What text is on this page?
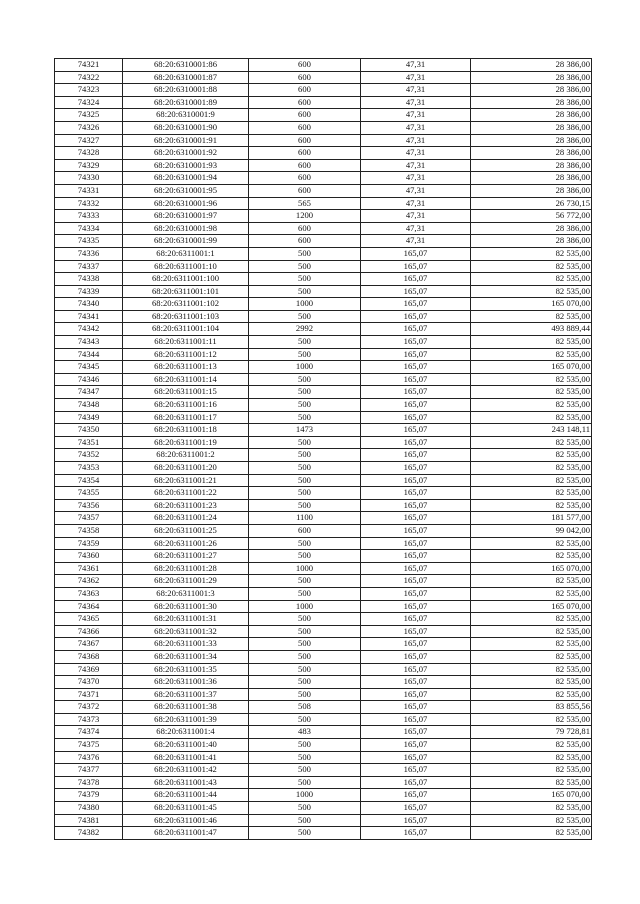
74321	68:20:6310001:86	600	47,31	28 386,00
74322	68:20:6310001:87	600	47,31	28 386,00
74323	68:20:6310001:88	600	47,31	28 386,00
74324	68:20:6310001:89	600	47,31	28 386,00
74325	68:20:6310001:9	600	47,31	28 386,00
74326	68:20:6310001:90	600	47,31	28 386,00
74327	68:20:6310001:91	600	47,31	28 386,00
74328	68:20:6310001:92	600	47,31	28 386,00
74329	68:20:6310001:93	600	47,31	28 386,00
74330	68:20:6310001:94	600	47,31	28 386,00
74331	68:20:6310001:95	600	47,31	28 386,00
74332	68:20:6310001:96	565	47,31	26 730,15
74333	68:20:6310001:97	1200	47,31	56 772,00
74334	68:20:6310001:98	600	47,31	28 386,00
74335	68:20:6310001:99	600	47,31	28 386,00
74336	68:20:6311001:1	500	165,07	82 535,00
74337	68:20:6311001:10	500	165,07	82 535,00
74338	68:20:6311001:100	500	165,07	82 535,00
74339	68:20:6311001:101	500	165,07	82 535,00
74340	68:20:6311001:102	1000	165,07	165 070,00
74341	68:20:6311001:103	500	165,07	82 535,00
74342	68:20:6311001:104	2992	165,07	493 889,44
74343	68:20:6311001:11	500	165,07	82 535,00
74344	68:20:6311001:12	500	165,07	82 535,00
74345	68:20:6311001:13	1000	165,07	165 070,00
74346	68:20:6311001:14	500	165,07	82 535,00
74347	68:20:6311001:15	500	165,07	82 535,00
74348	68:20:6311001:16	500	165,07	82 535,00
74349	68:20:6311001:17	500	165,07	82 535,00
74350	68:20:6311001:18	1473	165,07	243 148,11
74351	68:20:6311001:19	500	165,07	82 535,00
74352	68:20:6311001:2	500	165,07	82 535,00
74353	68:20:6311001:20	500	165,07	82 535,00
74354	68:20:6311001:21	500	165,07	82 535,00
74355	68:20:6311001:22	500	165,07	82 535,00
74356	68:20:6311001:23	500	165,07	82 535,00
74357	68:20:6311001:24	1100	165,07	181 577,00
74358	68:20:6311001:25	600	165,07	99 042,00
74359	68:20:6311001:26	500	165,07	82 535,00
74360	68:20:6311001:27	500	165,07	82 535,00
74361	68:20:6311001:28	1000	165,07	165 070,00
74362	68:20:6311001:29	500	165,07	82 535,00
74363	68:20:6311001:3	500	165,07	82 535,00
74364	68:20:6311001:30	1000	165,07	165 070,00
74365	68:20:6311001:31	500	165,07	82 535,00
74366	68:20:6311001:32	500	165,07	82 535,00
74367	68:20:6311001:33	500	165,07	82 535,00
74368	68:20:6311001:34	500	165,07	82 535,00
74369	68:20:6311001:35	500	165,07	82 535,00
74370	68:20:6311001:36	500	165,07	82 535,00
74371	68:20:6311001:37	500	165,07	82 535,00
74372	68:20:6311001:38	508	165,07	83 855,56
74373	68:20:6311001:39	500	165,07	82 535,00
74374	68:20:6311001:4	483	165,07	79 728,81
74375	68:20:6311001:40	500	165,07	82 535,00
74376	68:20:6311001:41	500	165,07	82 535,00
74377	68:20:6311001:42	500	165,07	82 535,00
74378	68:20:6311001:43	500	165,07	82 535,00
74379	68:20:6311001:44	1000	165,07	165 070,00
74380	68:20:6311001:45	500	165,07	82 535,00
74381	68:20:6311001:46	500	165,07	82 535,00
74382	68:20:6311001:47	500	165,07	82 535,00
